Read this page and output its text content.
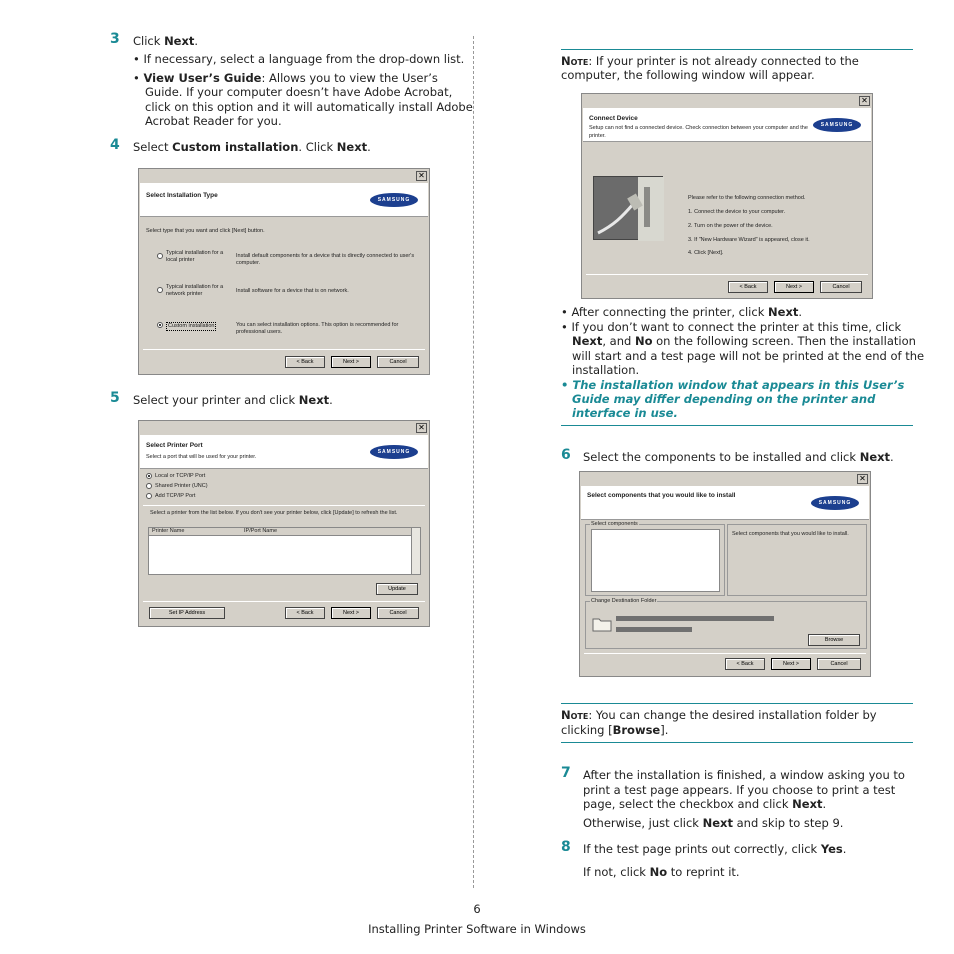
3 Click Next.
• If necessary, select a language from the drop-down list.
• View User’s Guide: Allows you to view the User’s
Guide. If your computer doesn’t have Adobe Acrobat,
click on this option and it will automatically install Adobe
Acrobat Reader for you.
4 Select Custom installation. Click Next.
✕
Select Installation Type
SAMSUNG
Select type that you want and click [Next] button.
Typical installation for a local printer
Install default components for a device that is directly connected to user's computer.
Typical installation for a network printer	Install software for a device that is on network.
Custom installation	You can select installation options. This option is recommended for professional users.
< Back	Next >	Cancel
5 Select your printer and click Next.
✕
Select Printer Port
Select a port that will be used for your printer.
SAMSUNG
Local or TCP/IP Port
Shared Printer (UNC)
Add TCP/IP Port
Select a printer from the list below. If you don't see your printer below, click [Update] to refresh the list.
Printer Name	IP/Port Name
Update
Set IP Address	< Back	Next >	Cancel
Note: If your printer is not already connected to the
computer, the following window will appear.
✕
Connect Device
Setup can not find a connected device. Check connection between your computer and the printer.
SAMSUNG
Please refer to the following connection method.
1. Connect the device to your computer.
2. Turn on the power of the device.
3. If "New Hardware Wizard" is appeared, close it.
4. Click [Next].
< Back	Next >	Cancel
• After connecting the printer, click Next.
• If you don’t want to connect the printer at this time, click
Next, and No on the following screen. Then the installation
will start and a test page will not be printed at the end of the
installation.
• The installation window that appears in this User’s
Guide may differ depending on the printer and
interface in use.
6 Select the components to be installed and click Next.
✕
Select components that you would like to install
SAMSUNG
Select components
Select components that you would like to install.
Change Destination Folder
Browse
< Back	Next >	Cancel
Note: You can change the desired installation folder by
clicking [Browse].
7 After the installation is finished, a window asking you to
print a test page appears. If you choose to print a test
page, select the checkbox and click Next.
Otherwise, just click Next and skip to step 9.
8 If the test page prints out correctly, click Yes.
If not, click No to reprint it.
6
Installing Printer Software in Windows
